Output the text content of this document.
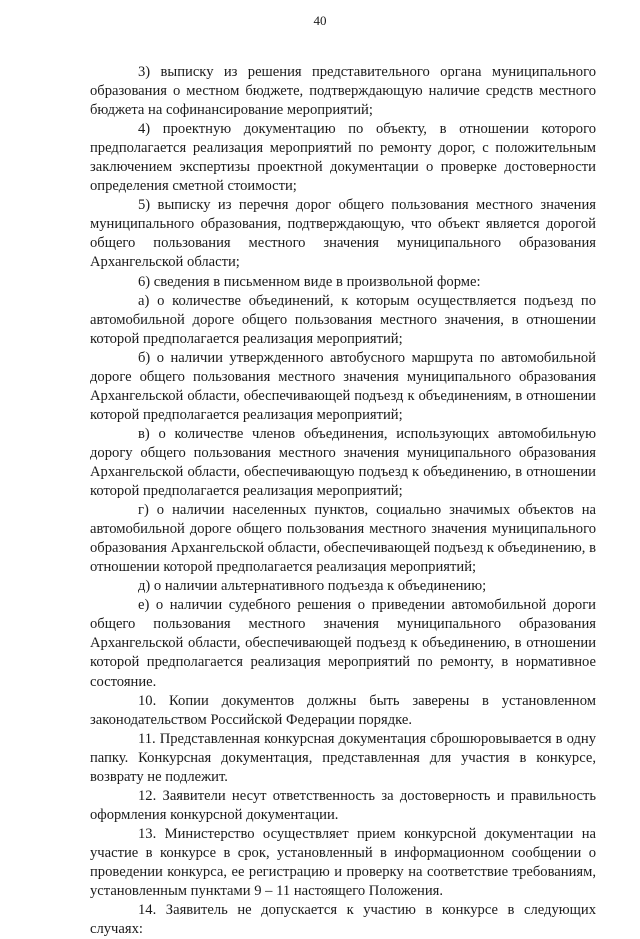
40

3) выписку из решения представительного органа муниципального образования о местном бюджете, подтверждающую наличие средств местного бюджета на софинансирование мероприятий;

4) проектную документацию по объекту, в отношении которого предполагается реализация мероприятий по ремонту дорог, с положительным заключением экспертизы проектной документации о проверке достоверности определения сметной стоимости;

5) выписку из перечня дорог общего пользования местного значения муниципального образования, подтверждающую, что объект является дорогой общего пользования местного значения муниципального образования Архангельской области;

6) сведения в письменном виде в произвольной форме:

а) о количестве объединений, к которым осуществляется подъезд по автомобильной дороге общего пользования местного значения, в отношении которой предполагается реализация мероприятий;

б) о наличии утвержденного автобусного маршрута по автомобильной дороге общего пользования местного значения муниципального образования Архангельской области, обеспечивающей подъезд к объединениям, в отношении которой предполагается реализация мероприятий;

в) о количестве членов объединения, использующих автомобильную дорогу общего пользования местного значения муниципального образования Архангельской области, обеспечивающую подъезд к объединению, в отношении которой предполагается реализация мероприятий;

г) о наличии населенных пунктов, социально значимых объектов на автомобильной дороге общего пользования местного значения муниципального образования Архангельской области, обеспечивающей подъезд к объединению, в отношении которой предполагается реализация мероприятий;

д) о наличии альтернативного подъезда к объединению;

е) о наличии судебного решения о приведении автомобильной дороги общего пользования местного значения муниципального образования Архангельской области, обеспечивающей подъезд к объединению, в отношении которой предполагается реализация мероприятий по ремонту, в нормативное состояние.

10. Копии документов должны быть заверены в установленном законодательством Российской Федерации порядке.

11. Представленная конкурсная документация сброшюровывается в одну папку. Конкурсная документация, представленная для участия в конкурсе, возврату не подлежит.

12. Заявители несут ответственность за достоверность и правильность оформления конкурсной документации.

13. Министерство осуществляет прием конкурсной документации на участие в конкурсе в срок, установленный в информационном сообщении о проведении конкурса, ее регистрацию и проверку на соответствие требованиям, установленным пунктами 9 – 11 настоящего Положения.

14. Заявитель не допускается к участию в конкурсе в следующих случаях:
